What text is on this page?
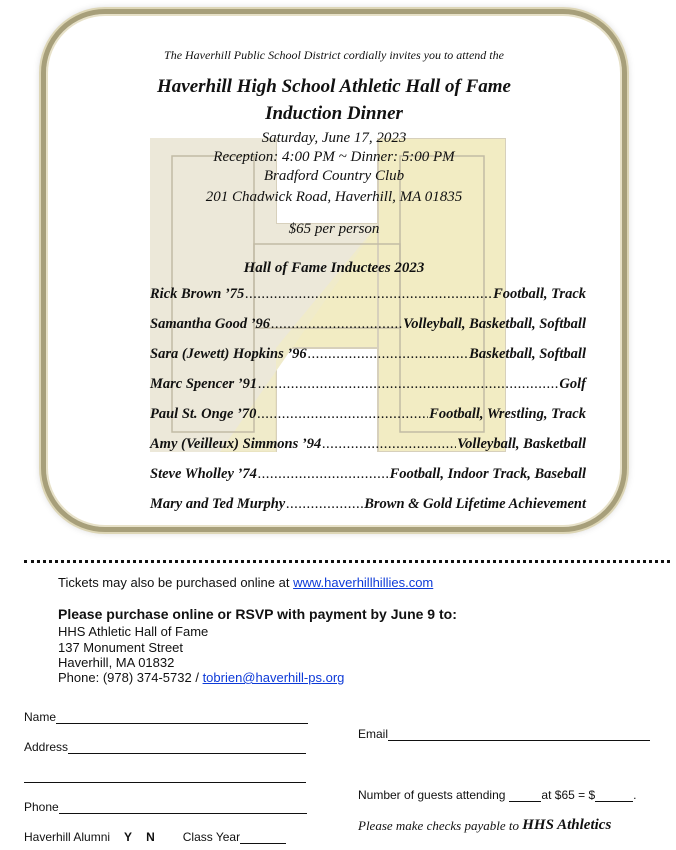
The Haverhill Public School District cordially invites you to attend the
Haverhill High School Athletic Hall of Fame
Induction Dinner
Saturday, June 17, 2023
Reception: 4:00 PM ~ Dinner: 5:00 PM
Bradford Country Club
201 Chadwick Road, Haverhill, MA 01835
$65 per person
Hall of Fame Inductees 2023
Rick Brown ’75 .....	Football, Track
Samantha Good ’96 .....	Volleyball, Basketball, Softball
Sara (Jewett) Hopkins ’96 .....	Basketball, Softball
Marc Spencer ’91 .....	Golf
Paul St. Onge ’70 .....	Football, Wrestling, Track
Amy (Veilleux) Simmons ’94 .....	Volleyball, Basketball
Steve Wholley ’74 .....	Football, Indoor Track, Baseball
Mary and Ted Murphy .....	Brown & Gold Lifetime Achievement
Tickets may also be purchased online at www.haverhillhillies.com
Please purchase online or RSVP with payment by June 9 to:
HHS Athletic Hall of Fame
137 Monument Street
Haverhill, MA 01832
Phone: (978) 374-5732 / tobrien@haverhill-ps.org
Name
Address
Phone
Haverhill Alumni Y N Class Year
Email
Number of guests attending	at $65 = $	.
Please make checks payable to
HHS Athletics
